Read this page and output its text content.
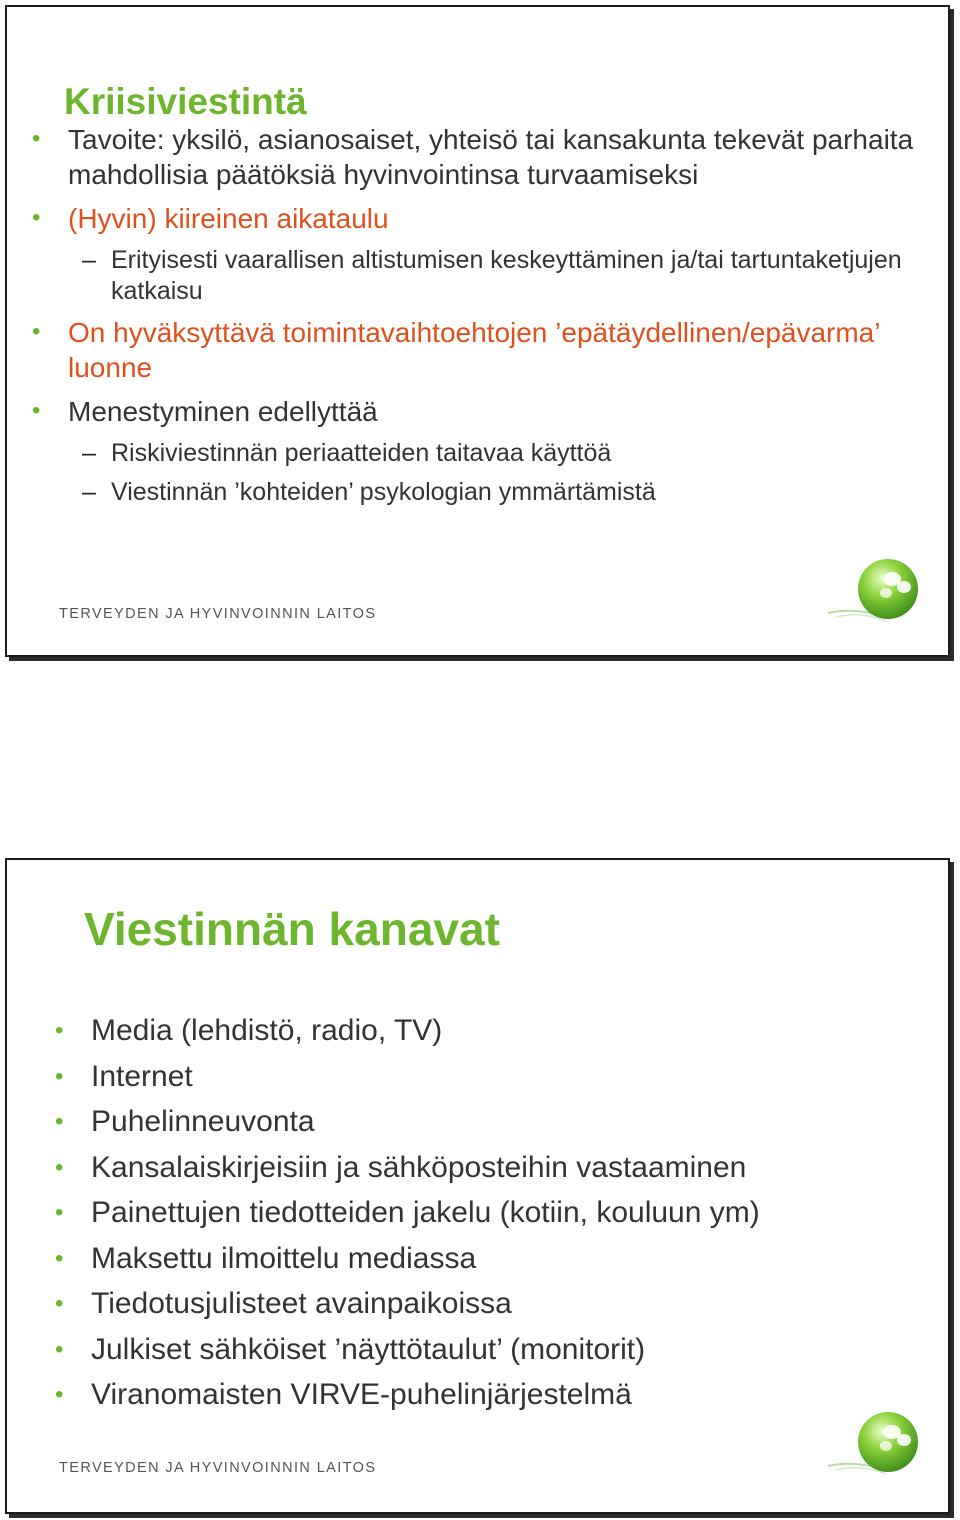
Kriisiviestintä
• Tavoite: yksilö, asianosaiset, yhteisö tai kansakunta tekevät parhaita mahdollisia päätöksiä hyvinvointinsa turvaamiseksi
• (Hyvin) kiireinen aikataulu
– Erityisesti vaarallisen altistumisen keskeyttäminen ja/tai tartuntaketjujen katkaisu
• On hyväksyttävä toimintavaihtoehtojen ’epätäydellinen/epävarma’ luonne
• Menestyminen edellyttää
– Riskiviestinnän periaatteiden taitavaa käyttöä
– Viestinnän ’kohteiden’ psykologian ymmärtämistä

TERVEYDEN JA HYVINVOINNIN LAITOS

Viestinnän kanavat
• Media (lehdistö, radio, TV)
• Internet
• Puhelinneuvonta
• Kansalaiskirjeisiin ja sähköposteihin vastaaminen
• Painettujen tiedotteiden jakelu (kotiin, kouluun ym)
• Maksettu ilmoittelu mediassa
• Tiedotusjulisteet avainpaikoissa
• Julkiset sähköiset ’näyttötaulut’ (monitorit)
• Viranomaisten VIRVE-puhelinjärjestelmä

TERVEYDEN JA HYVINVOINNIN LAITOS
